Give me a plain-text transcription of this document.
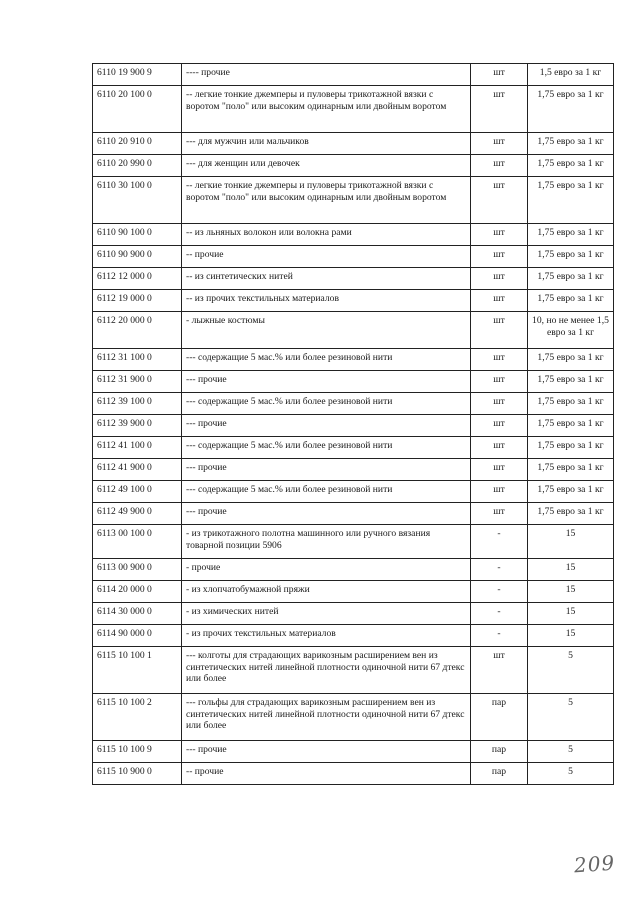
6110 19 900 9	---- прочие	шт	1,5 евро за 1 кг
6110 20 100 0	-- легкие тонкие джемперы и пуловеры трикотажной вязки с воротом "поло" или высоким одинарным или двойным воротом	шт	1,75 евро за 1 кг
6110 20 910 0	--- для мужчин или мальчиков	шт	1,75 евро за 1 кг
6110 20 990 0	--- для женщин или девочек	шт	1,75 евро за 1 кг
6110 30 100 0	-- легкие тонкие джемперы и пуловеры трикотажной вязки с воротом "поло" или высоким одинарным или двойным воротом	шт	1,75 евро за 1 кг
6110 90 100 0	-- из льняных волокон или волокна рами	шт	1,75 евро за 1 кг
6110 90 900 0	-- прочие	шт	1,75 евро за 1 кг
6112 12 000 0	-- из синтетических нитей	шт	1,75 евро за 1 кг
6112 19 000 0	-- из прочих текстильных материалов	шт	1,75 евро за 1 кг
6112 20 000 0	- лыжные костюмы	шт	10, но не менее 1,5 евро за 1 кг
6112 31 100 0	--- содержащие 5 мас.% или более резиновой нити	шт	1,75 евро за 1 кг
6112 31 900 0	--- прочие	шт	1,75 евро за 1 кг
6112 39 100 0	--- содержащие 5 мас.% или более резиновой нити	шт	1,75 евро за 1 кг
6112 39 900 0	--- прочие	шт	1,75 евро за 1 кг
6112 41 100 0	--- содержащие 5 мас.% или более резиновой нити	шт	1,75 евро за 1 кг
6112 41 900 0	--- прочие	шт	1,75 евро за 1 кг
6112 49 100 0	--- содержащие 5 мас.% или более резиновой нити	шт	1,75 евро за 1 кг
6112 49 900 0	--- прочие	шт	1,75 евро за 1 кг
6113 00 100 0	- из трикотажного полотна машинного или ручного вязания товарной позиции 5906	-	15
6113 00 900 0	- прочие	-	15
6114 20 000 0	- из хлопчатобумажной пряжи	-	15
6114 30 000 0	- из химических нитей	-	15
6114 90 000 0	- из прочих текстильных материалов	-	15
6115 10 100 1	--- колготы для страдающих варикозным расширением вен из синтетических нитей линейной плотности одиночной нити 67 дтекс или более	шт	5
6115 10 100 2	--- гольфы для страдающих варикозным расширением вен из синтетических нитей линейной плотности одиночной нити 67 дтекс или более	пар	5
6115 10 100 9	--- прочие	пар	5
6115 10 900 0	-- прочие	пар	5
209
